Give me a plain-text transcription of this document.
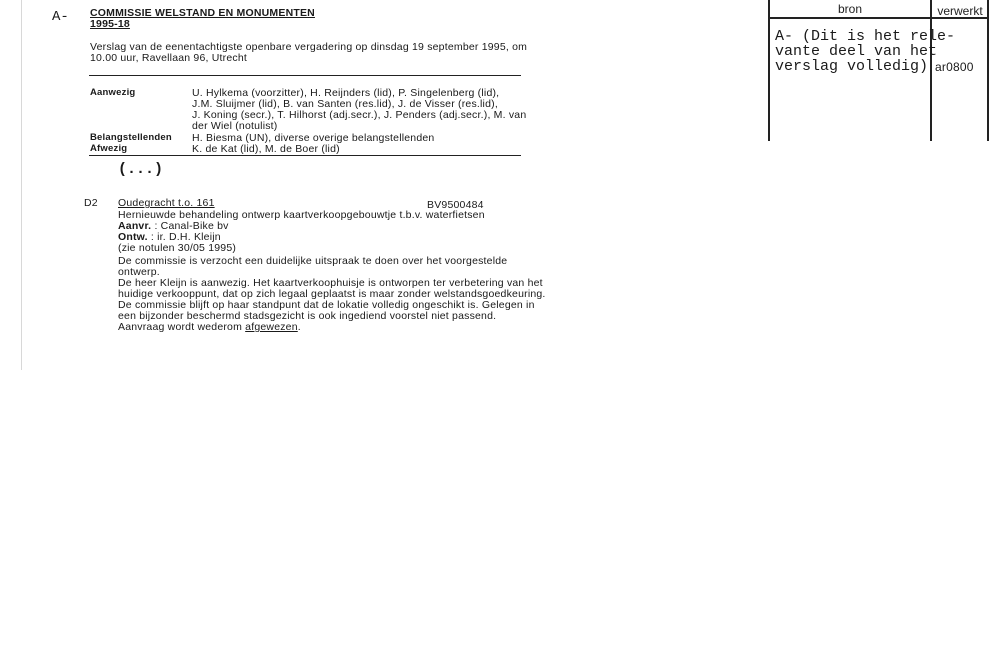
A- COMMISSIE WELSTAND EN MONUMENTEN
1995-18
Verslag van de eenentachtigste openbare vergadering op dinsdag 19 september 1995, om
10.00 uur, Ravellaan 96, Utrecht
Aanwezig	U. Hylkema (voorzitter), H. Reijnders (lid), P. Singelenberg (lid),
J.M. Sluijmer (lid), B. van Santen (res.lid), J. de Visser (res.lid),
J. Koning (secr.), T. Hilhorst (adj.secr.), J. Penders (adj.secr.), M. van
der Wiel (notulist)
Belangstellenden H. Biesma (UN), diverse overige belangstellenden
Afwezig	K. de Kat (lid), M. de Boer (lid)
(...)
D2 Oudegracht t.o. 161	BV9500484
Hernieuwde behandeling ontwerp kaartverkoopgebouwtje t.b.v. waterfietsen
Aanvr. : Canal-Bike bv
Ontw. : ir. D.H. Kleijn
(zie notulen 30/05 1995)
De commissie is verzocht een duidelijke uitspraak te doen over het voorgestelde
ontwerp.
De heer Kleijn is aanwezig. Het kaartverkoophuisje is ontworpen ter verbetering van het
huidige verkooppunt, dat op zich legaal geplaatst is maar zonder welstandsgoedkeuring.
De commissie blijft op haar standpunt dat de lokatie volledig ongeschikt is. Gelegen in
een bijzonder beschermd stadsgezicht is ook ingediend voorstel niet passend.
Aanvraag wordt wederom afgewezen.
bron	verwerkt
A- (Dit is het rele-
vante deel van het
verslag volledig) ar0800
